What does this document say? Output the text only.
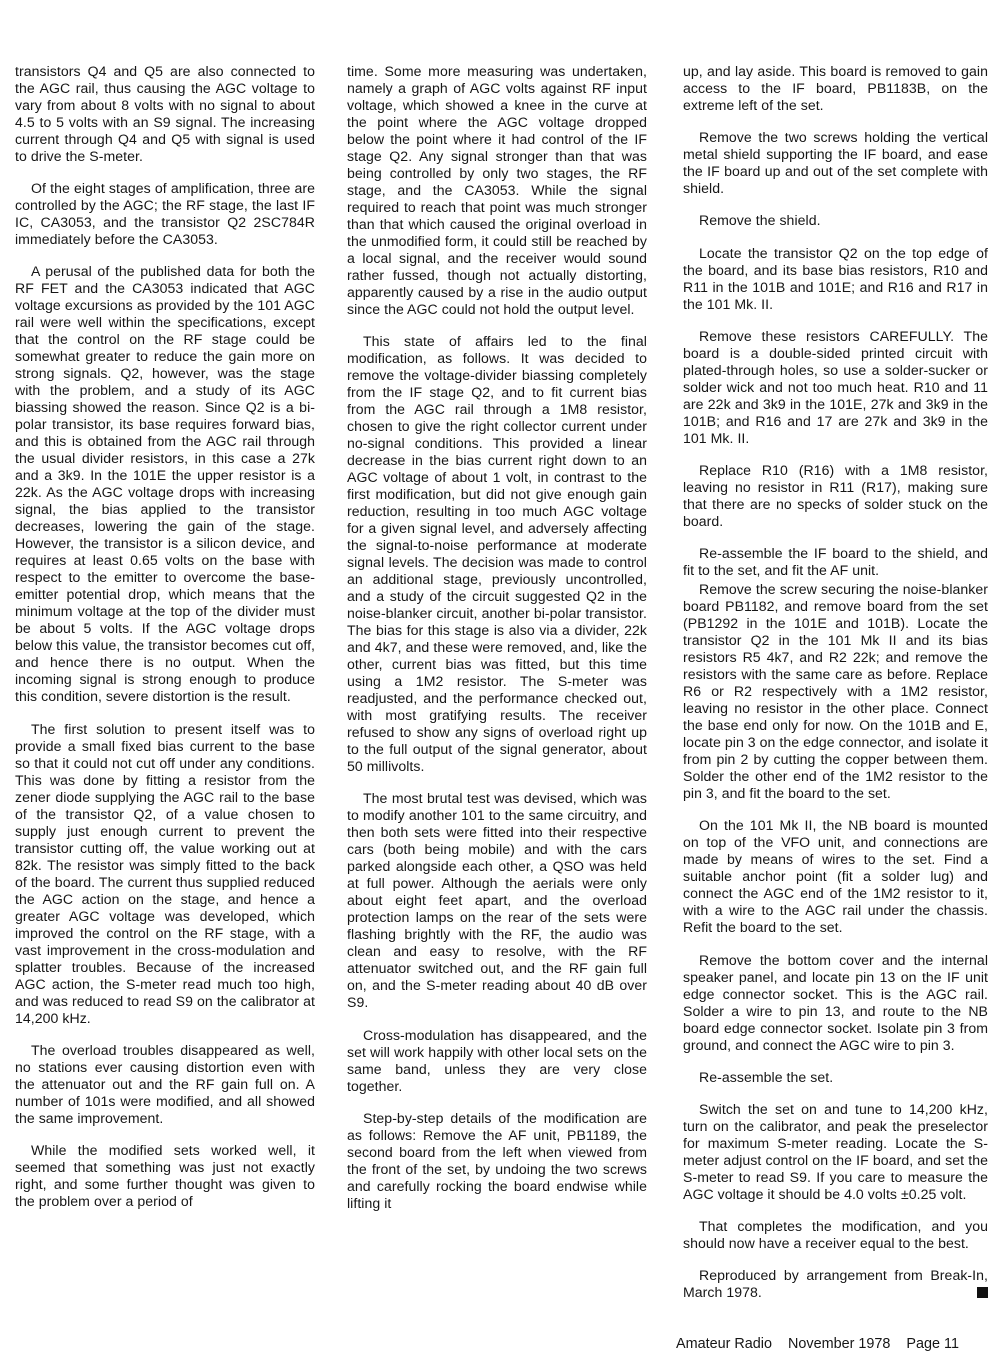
transistors Q4 and Q5 are also connected to the AGC rail, thus causing the AGC voltage to vary from about 8 volts with no signal to about 4.5 to 5 volts with an S9 signal. The increasing current through Q4 and Q5 with signal is used to drive the S-meter.

Of the eight stages of amplification, three are controlled by the AGC; the RF stage, the last IF IC, CA3053, and the transistor Q2 2SC784R immediately before the CA3053.

A perusal of the published data for both the RF FET and the CA3053 indicated that AGC voltage excursions as provided by the 101 AGC rail were well within the specifications, except that the control on the RF stage could be somewhat greater to reduce the gain more on strong signals. Q2, however, was the stage with the problem, and a study of its AGC biassing showed the reason. Since Q2 is a bi-polar transistor, its base requires forward bias, and this is obtained from the AGC rail through the usual divider resistors, in this case a 27k and a 3k9. In the 101E the upper resistor is a 22k. As the AGC voltage drops with increasing signal, the bias applied to the transistor decreases, lowering the gain of the stage. However, the transistor is a silicon device, and requires at least 0.65 volts on the base with respect to the emitter to overcome the base-emitter potential drop, which means that the minimum voltage at the top of the divider must be about 5 volts. If the AGC voltage drops below this value, the transistor becomes cut off, and hence there is no output. When the incoming signal is strong enough to produce this condition, severe distortion is the result.

The first solution to present itself was to provide a small fixed bias current to the base so that it could not cut off under any conditions. This was done by fitting a resistor from the zener diode supplying the AGC rail to the base of the transistor Q2, of a value chosen to supply just enough current to prevent the transistor cutting off, the value working out at 82k. The resistor was simply fitted to the back of the board. The current thus supplied reduced the AGC action on the stage, and hence a greater AGC voltage was developed, which improved the control on the RF stage, with a vast improvement in the cross-modulation and splatter troubles. Because of the increased AGC action, the S-meter read much too high, and was reduced to read S9 on the calibrator at 14,200 kHz.

The overload troubles disappeared as well, no stations ever causing distortion even with the attenuator out and the RF gain full on. A number of 101s were modified, and all showed the same improvement.

While the modified sets worked well, it seemed that something was just not exactly right, and some further thought was given to the problem over a period of

time. Some more measuring was undertaken, namely a graph of AGC volts against RF input voltage, which showed a knee in the curve at the point where the AGC voltage dropped below the point where it had control of the IF stage Q2. Any signal stronger than that was being controlled by only two stages, the RF stage, and the CA3053. While the signal required to reach that point was much stronger than that which caused the original overload in the unmodified form, it could still be reached by a local signal, and the receiver would sound rather fussed, though not actually distorting, apparently caused by a rise in the audio output since the AGC could not hold the output level.

This state of affairs led to the final modification, as follows. It was decided to remove the voltage-divider biassing completely from the IF stage Q2, and to fit current bias from the AGC rail through a 1M8 resistor, chosen to give the right collector current under no-signal conditions. This provided a linear decrease in the bias current right down to an AGC voltage of about 1 volt, in contrast to the first modification, but did not give enough gain reduction, resulting in too much AGC voltage for a given signal level, and adversely affecting the signal-to-noise performance at moderate signal levels. The decision was made to control an additional stage, previously uncontrolled, and a study of the circuit suggested Q2 in the noise-blanker circuit, another bi-polar transistor. The bias for this stage is also via a divider, 22k and 4k7, and these were removed, and, like the other, current bias was fitted, but this time using a 1M2 resistor. The S-meter was readjusted, and the performance checked out, with most gratifying results. The receiver refused to show any signs of overload right up to the full output of the signal generator, about 50 millivolts.

The most brutal test was devised, which was to modify another 101 to the same circuitry, and then both sets were fitted into their respective cars (both being mobile) and with the cars parked alongside each other, a QSO was held at full power. Although the aerials were only about eight feet apart, and the overload protection lamps on the rear of the sets were flashing brightly with the RF, the audio was clean and easy to resolve, with the RF attenuator switched out, and the RF gain full on, and the S-meter reading about 40 dB over S9.

Cross-modulation has disappeared, and the set will work happily with other local sets on the same band, unless they are very close together.

Step-by-step details of the modification are as follows: Remove the AF unit, PB1189, the second board from the left when viewed from the front of the set, by undoing the two screws and carefully rocking the board endwise while lifting it

up, and lay aside. This board is removed to gain access to the IF board, PB1183B, on the extreme left of the set.

Remove the two screws holding the vertical metal shield supporting the IF board, and ease the IF board up and out of the set complete with shield.

Remove the shield.

Locate the transistor Q2 on the top edge of the board, and its base bias resistors, R10 and R11 in the 101B and 101E; and R16 and R17 in the 101 Mk. II.

Remove these resistors CAREFULLY. The board is a double-sided printed circuit with plated-through holes, so use a solder-sucker or solder wick and not too much heat. R10 and 11 are 22k and 3k9 in the 101E, 27k and 3k9 in the 101B; and R16 and 17 are 27k and 3k9 in the 101 Mk. II.

Replace R10 (R16) with a 1M8 resistor, leaving no resistor in R11 (R17), making sure that there are no specks of solder stuck on the board.

Re-assemble the IF board to the shield, and fit to the set, and fit the AF unit.

Remove the screw securing the noise-blanker board PB1182, and remove board from the set (PB1292 in the 101E and 101B). Locate the transistor Q2 in the 101 Mk II and its bias resistors R5 4k7, and R2 22k; and remove the resistors with the same care as before. Replace R6 or R2 respectively with a 1M2 resistor, leaving no resistor in the other place. Connect the base end only for now. On the 101B and E, locate pin 3 on the edge connector, and isolate it from pin 2 by cutting the copper between them. Solder the other end of the 1M2 resistor to the pin 3, and fit the board to the set.

On the 101 Mk II, the NB board is mounted on top of the VFO unit, and connections are made by means of wires to the set. Find a suitable anchor point (fit a solder lug) and connect the AGC end of the 1M2 resistor to it, with a wire to the AGC rail under the chassis. Refit the board to the set.

Remove the bottom cover and the internal speaker panel, and locate pin 13 on the IF unit edge connector socket. This is the AGC rail. Solder a wire to pin 13, and route to the NB board edge connector socket. Isolate pin 3 from ground, and connect the AGC wire to pin 3.

Re-assemble the set.

Switch the set on and tune to 14,200 kHz, turn on the calibrator, and peak the preselector for maximum S-meter reading. Locate the S-meter adjust control on the IF board, and set the S-meter to read S9. If you care to measure the AGC voltage it should be 4.0 volts ±0.25 volt.

That completes the modification, and you should now have a receiver equal to the best.

Reproduced by arrangement from Break-In, March 1978.

Amateur Radio November 1978 Page 11
